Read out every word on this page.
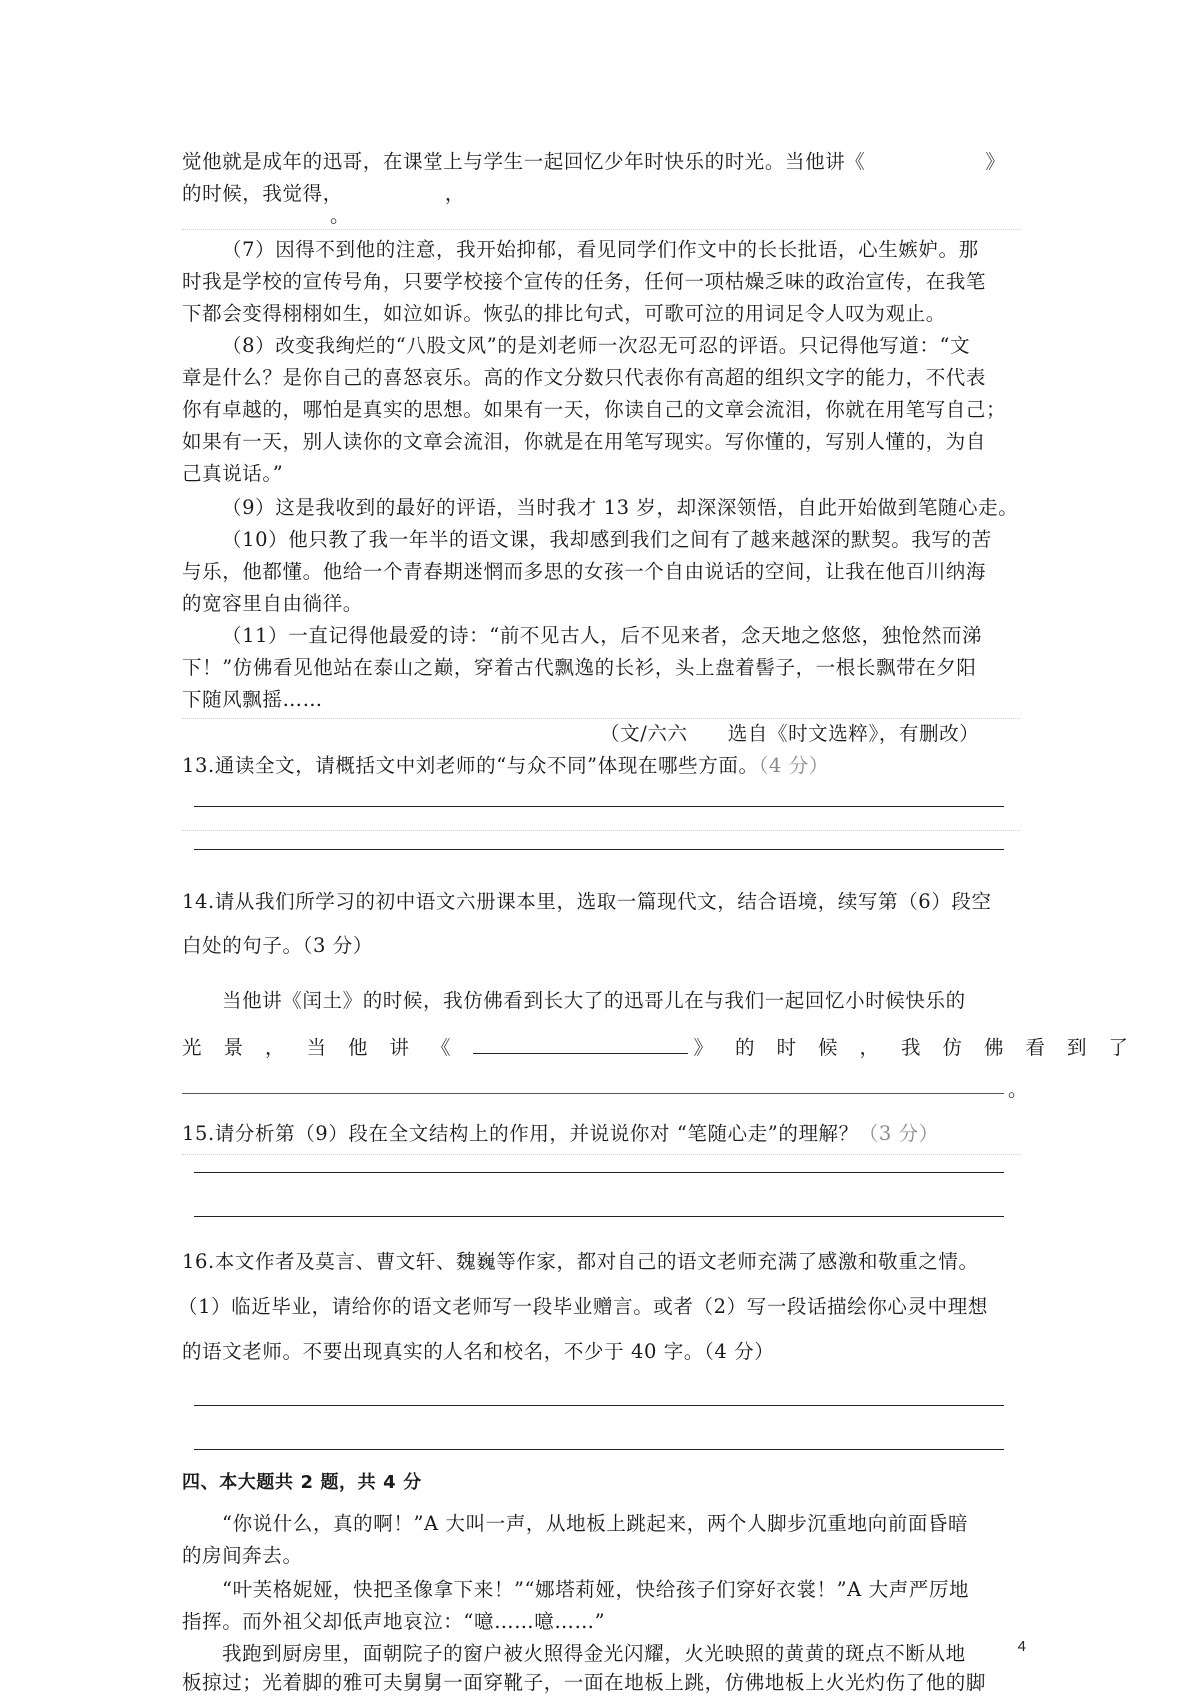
觉他就是成年的迅哥，在课堂上与学生一起回忆少年时快乐的时光。当他讲《	》
的时候，我觉得，	，
。
（7）因得不到他的注意，我开始抑郁，看见同学们作文中的长长批语，心生嫉妒。那
时我是学校的宣传号角，只要学校接个宣传的任务，任何一项枯燥乏味的政治宣传，在我笔
下都会变得栩栩如生，如泣如诉。恢弘的排比句式，可歌可泣的用词足令人叹为观止。
（8）改变我绚烂的“八股文风”的是刘老师一次忍无可忍的评语。只记得他写道：“文
章是什么？是你自己的喜怒哀乐。高的作文分数只代表你有高超的组织文字的能力，不代表
你有卓越的，哪怕是真实的思想。如果有一天，你读自己的文章会流泪，你就在用笔写自己；
如果有一天，别人读你的文章会流泪，你就是在用笔写现实。写你懂的，写别人懂的，为自
己真说话。”
（9）这是我收到的最好的评语，当时我才 13 岁，却深深领悟，自此开始做到笔随心走。
（10）他只教了我一年半的语文课，我却感到我们之间有了越来越深的默契。我写的苦
与乐，他都懂。他给一个青春期迷惘而多思的女孩一个自由说话的空间，让我在他百川纳海
的宽容里自由徜徉。
（11）一直记得他最爱的诗：“前不见古人，后不见来者，念天地之悠悠，独怆然而涕
下！”仿佛看见他站在泰山之巅，穿着古代飘逸的长衫，头上盘着髻子，一根长飘带在夕阳
下随风飘摇……
（文/六六　　选自《时文选粹》，有删改）
13.通读全文，请概括文中刘老师的“与众不同”体现在哪些方面。（4 分）
14.请从我们所学习的初中语文六册课本里，选取一篇现代文，结合语境，续写第（6）段空
白处的句子。（3 分）
当他讲《闰土》的时候，我仿佛看到长大了的迅哥儿在与我们一起回忆小时候快乐的
光景，当他讲《	》的时候，我仿佛看到了
。
15.请分析第（9）段在全文结构上的作用，并说说你对 “笔随心走”的理解？（3 分）
16.本文作者及莫言、曹文轩、魏巍等作家，都对自己的语文老师充满了感激和敬重之情。
（1）临近毕业，请给你的语文老师写一段毕业赠言。或者（2）写一段话描绘你心灵中理想
的语文老师。不要出现真实的人名和校名，不少于 40 字。（4 分）
四、本大题共 2 题，共 4 分
“你说什么，真的啊！”A 大叫一声，从地板上跳起来，两个人脚步沉重地向前面昏暗
的房间奔去。
“叶芙格妮娅，快把圣像拿下来！”“娜塔莉娅，快给孩子们穿好衣裳！”A 大声严厉地
指挥。而外祖父却低声地哀泣：“噫……噫……”
我跑到厨房里，面朝院子的窗户被火照得金光闪耀，火光映照的黄黄的斑点不断从地
板掠过；光着脚的雅可夫舅舅一面穿靴子，一面在地板上跳，仿佛地板上火光灼伤了他的脚
4
